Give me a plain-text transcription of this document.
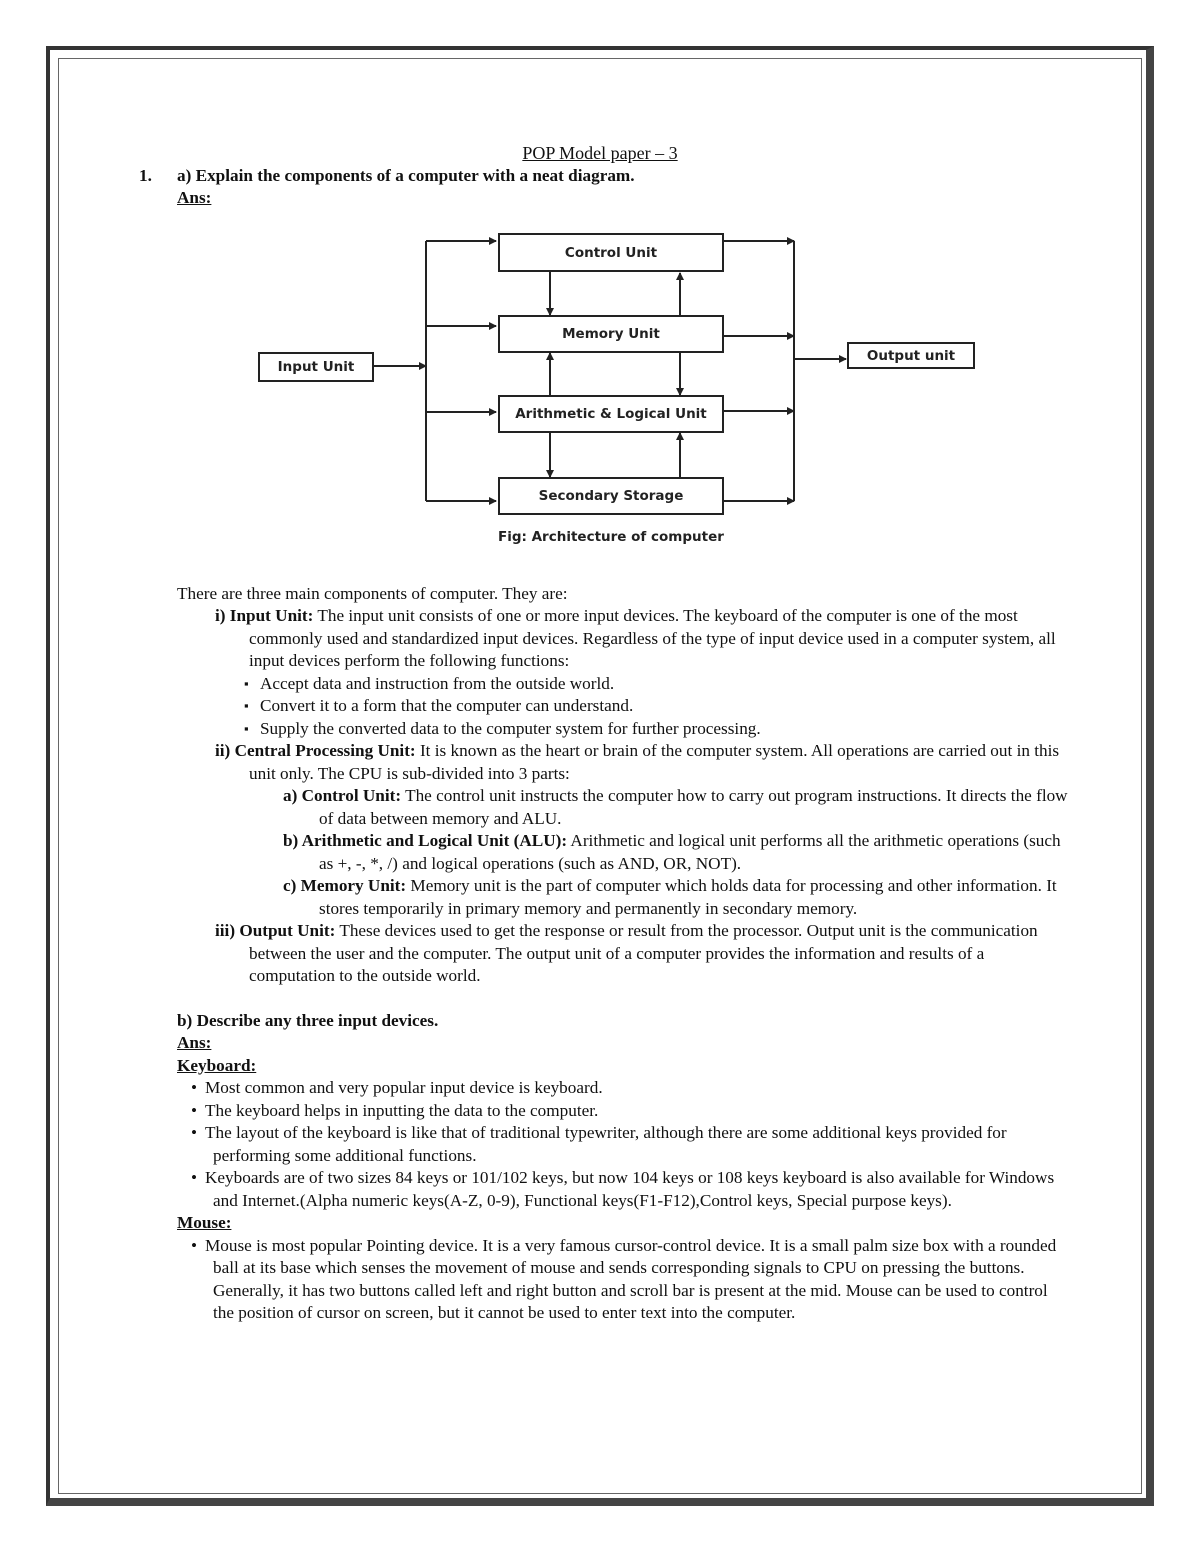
Control Unit
Memory Unit
Arithmetic & Logical Unit
Secondary Storage
Input Unit
Output unit
Fig: Architecture of computer
POP Model paper – 3
1. a) Explain the components of a computer with a neat diagram.
Ans:
There are three main components of computer. They are:
i) Input Unit: The input unit consists of one or more input devices. The keyboard of the computer is one of the most commonly used and standardized input devices. Regardless of the type of input device used in a computer system, all input devices perform the following functions:
▪ Accept data and instruction from the outside world.
▪ Convert it to a form that the computer can understand.
▪ Supply the converted data to the computer system for further processing.
ii) Central Processing Unit: It is known as the heart or brain of the computer system. All operations are carried out in this unit only. The CPU is sub-divided into 3 parts:
a) Control Unit: The control unit instructs the computer how to carry out program instructions. It directs the flow of data between memory and ALU.
b) Arithmetic and Logical Unit (ALU): Arithmetic and logical unit performs all the arithmetic operations (such as +, -, *, /) and logical operations (such as AND, OR, NOT).
c) Memory Unit: Memory unit is the part of computer which holds data for processing and other information. It stores temporarily in primary memory and permanently in secondary memory.
iii) Output Unit: These devices used to get the response or result from the processor. Output unit is the communication between the user and the computer. The output unit of a computer provides the information and results of a computation to the outside world.
b) Describe any three input devices.
Ans:
Keyboard:
• Most common and very popular input device is keyboard.
• The keyboard helps in inputting the data to the computer.
• The layout of the keyboard is like that of traditional typewriter, although there are some additional keys provided for performing some additional functions.
• Keyboards are of two sizes 84 keys or 101/102 keys, but now 104 keys or 108 keys keyboard is also available for Windows and Internet.(Alpha numeric keys(A-Z, 0-9), Functional keys(F1-F12),Control keys, Special purpose keys).
Mouse:
• Mouse is most popular Pointing device. It is a very famous cursor-control device. It is a small palm size box with a rounded ball at its base which senses the movement of mouse and sends corresponding signals to CPU on pressing the buttons. Generally, it has two buttons called left and right button and scroll bar is present at the mid. Mouse can be used to control the position of cursor on screen, but it cannot be used to enter text into the computer.
